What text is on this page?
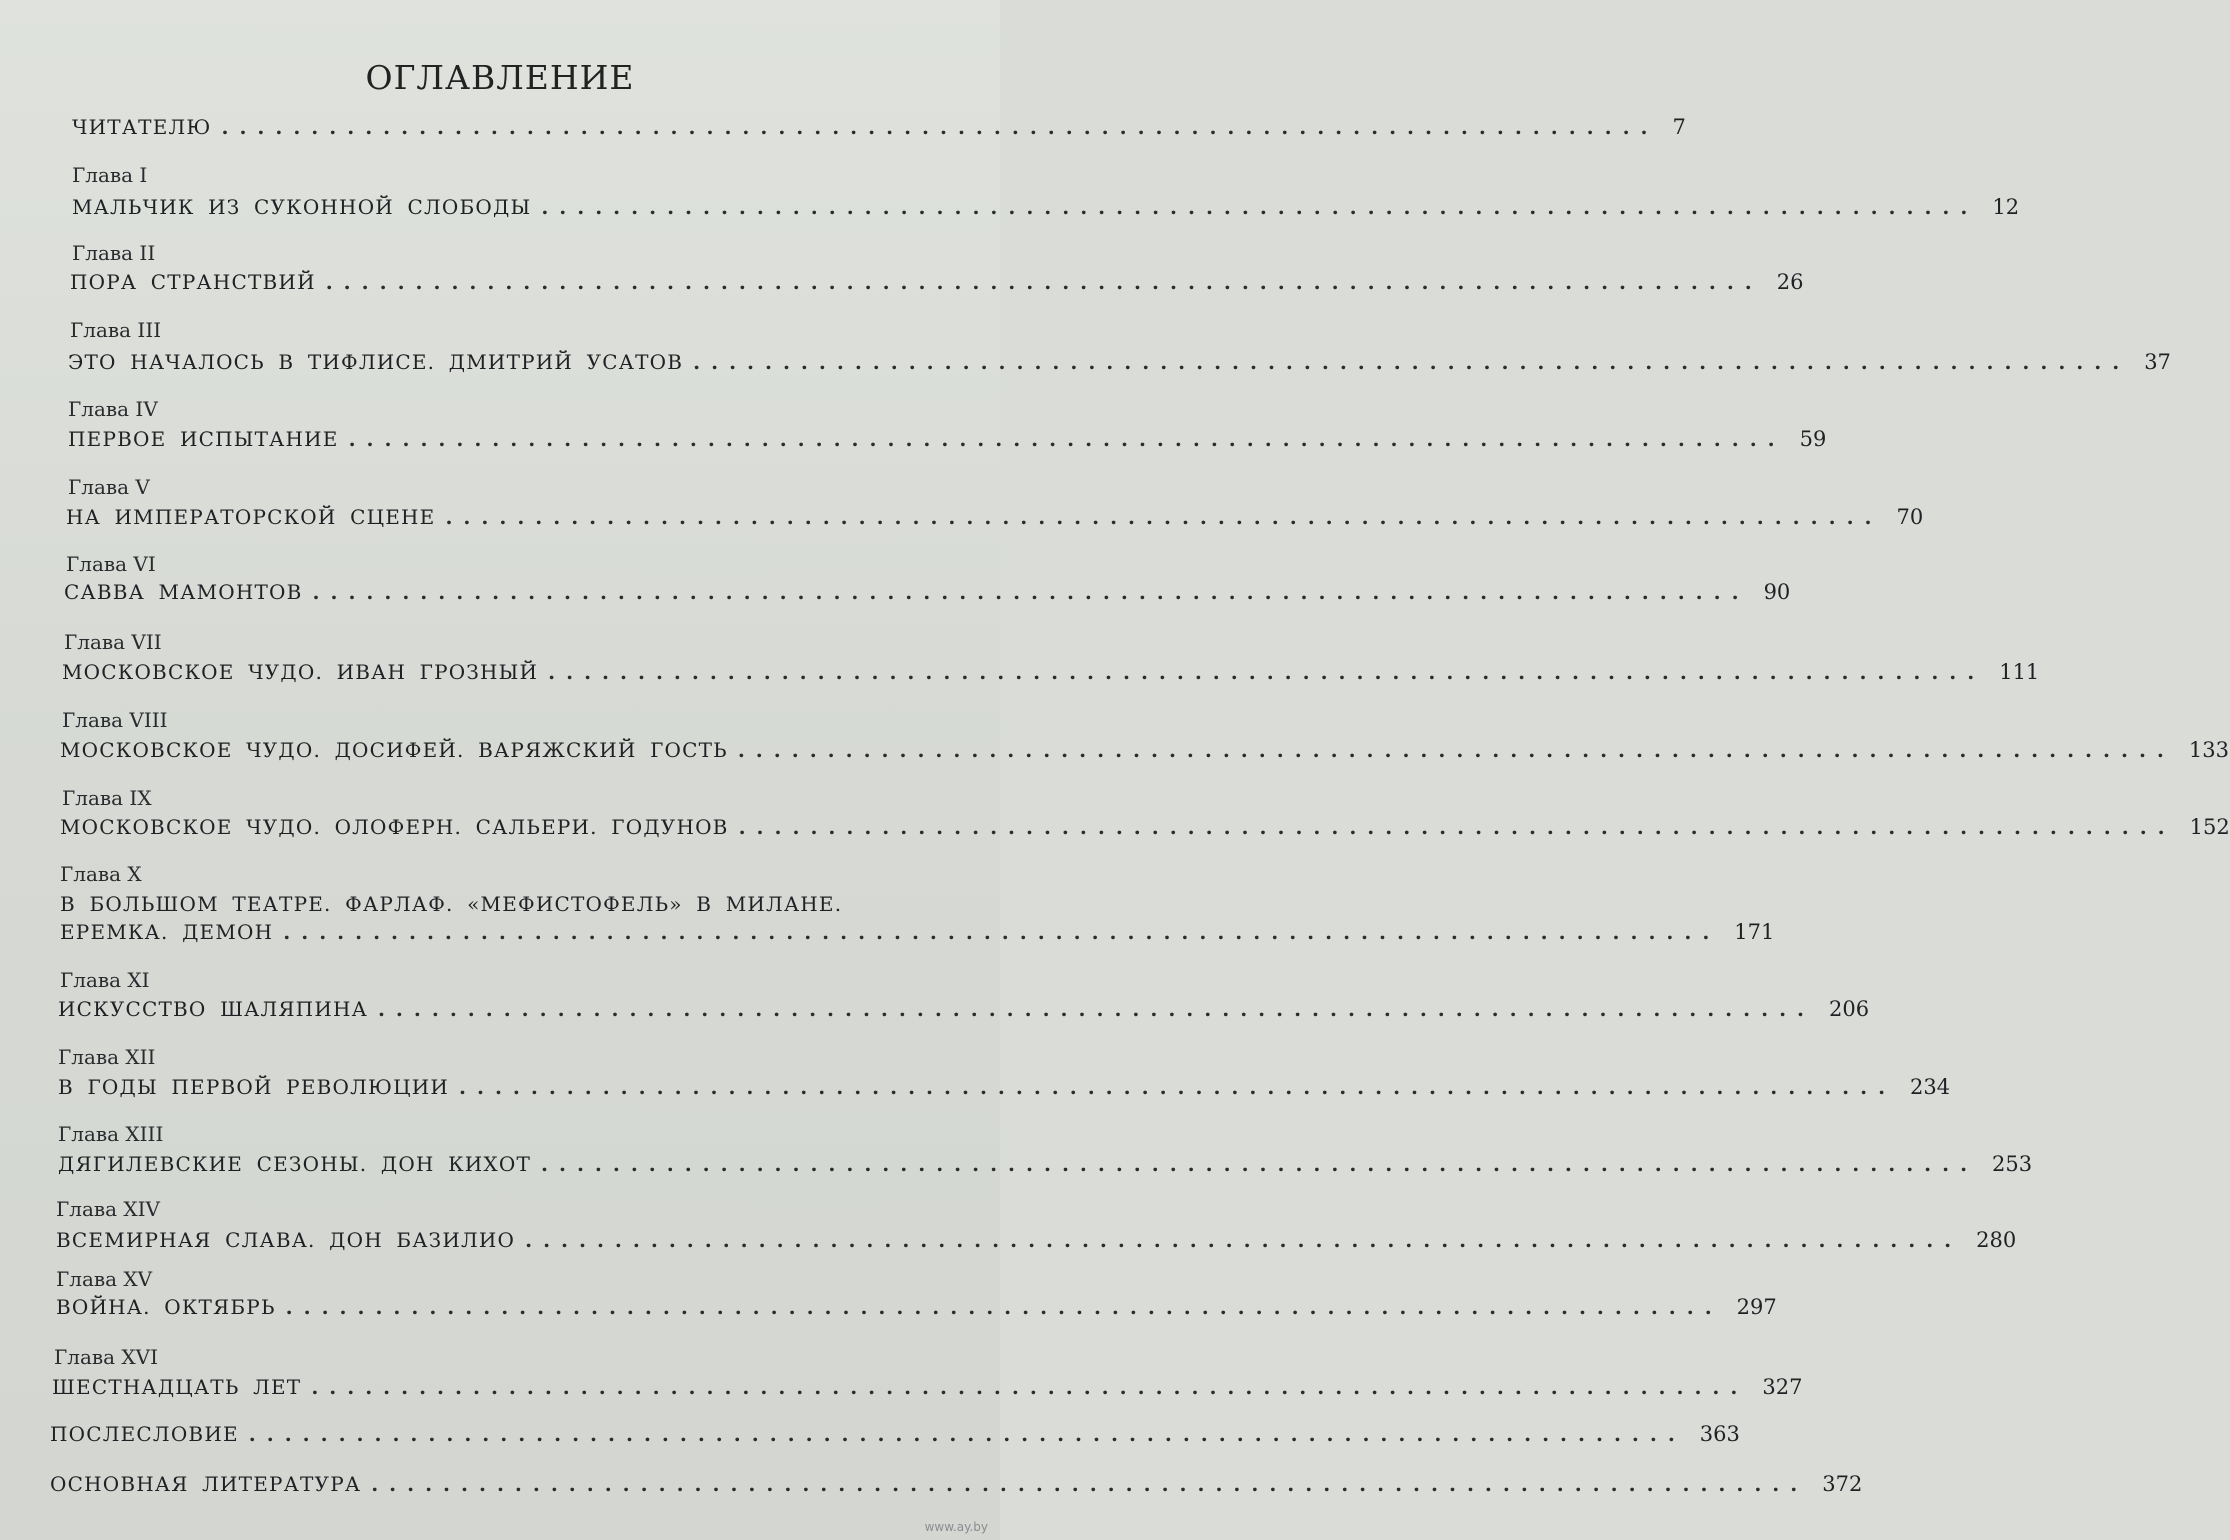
ОГЛАВЛЕНИЕ
ЧИТАТЕЛЮ ................................................................................ 7
Глава I
МАЛЬЧИК ИЗ СУКОННОЙ СЛОБОДЫ ................................................................................ 12
Глава II
ПОРА СТРАНСТВИЙ ................................................................................ 26
Глава III
ЭТО НАЧАЛОСЬ В ТИФЛИСЕ. ДМИТРИЙ УСАТОВ ................................................................................ 37
Глава IV
ПЕРВОЕ ИСПЫТАНИЕ ................................................................................ 59
Глава V
НА ИМПЕРАТОРСКОЙ СЦЕНЕ ................................................................................ 70
Глава VI
САВВА МАМОНТОВ ................................................................................ 90
Глава VII
МОСКОВСКОЕ ЧУДО. ИВАН ГРОЗНЫЙ ................................................................................ 111
Глава VIII
МОСКОВСКОЕ ЧУДО. ДОСИФЕЙ. ВАРЯЖСКИЙ ГОСТЬ ................................................................................ 133
Глава IX
МОСКОВСКОЕ ЧУДО. ОЛОФЕРН. САЛЬЕРИ. ГОДУНОВ ................................................................................ 152
Глава X
В БОЛЬШОМ ТЕАТРЕ. ФАРЛАФ. «МЕФИСТОФЕЛЬ» В МИЛАНЕ.
ЕРЕМКА. ДЕМОН ................................................................................ 171
Глава XI
ИСКУССТВО ШАЛЯПИНА ................................................................................ 206
Глава XII
В ГОДЫ ПЕРВОЙ РЕВОЛЮЦИИ ................................................................................ 234
Глава XIII
ДЯГИЛЕВСКИЕ СЕЗОНЫ. ДОН КИХОТ ................................................................................ 253
Глава XIV
ВСЕМИРНАЯ СЛАВА. ДОН БАЗИЛИО ................................................................................ 280
Глава XV
ВОЙНА. ОКТЯБРЬ ................................................................................ 297
Глава XVI
ШЕСТНАДЦАТЬ ЛЕТ ................................................................................ 327
ПОСЛЕСЛОВИЕ ................................................................................ 363
ОСНОВНАЯ ЛИТЕРАТУРА ................................................................................ 372
www.ay.by
